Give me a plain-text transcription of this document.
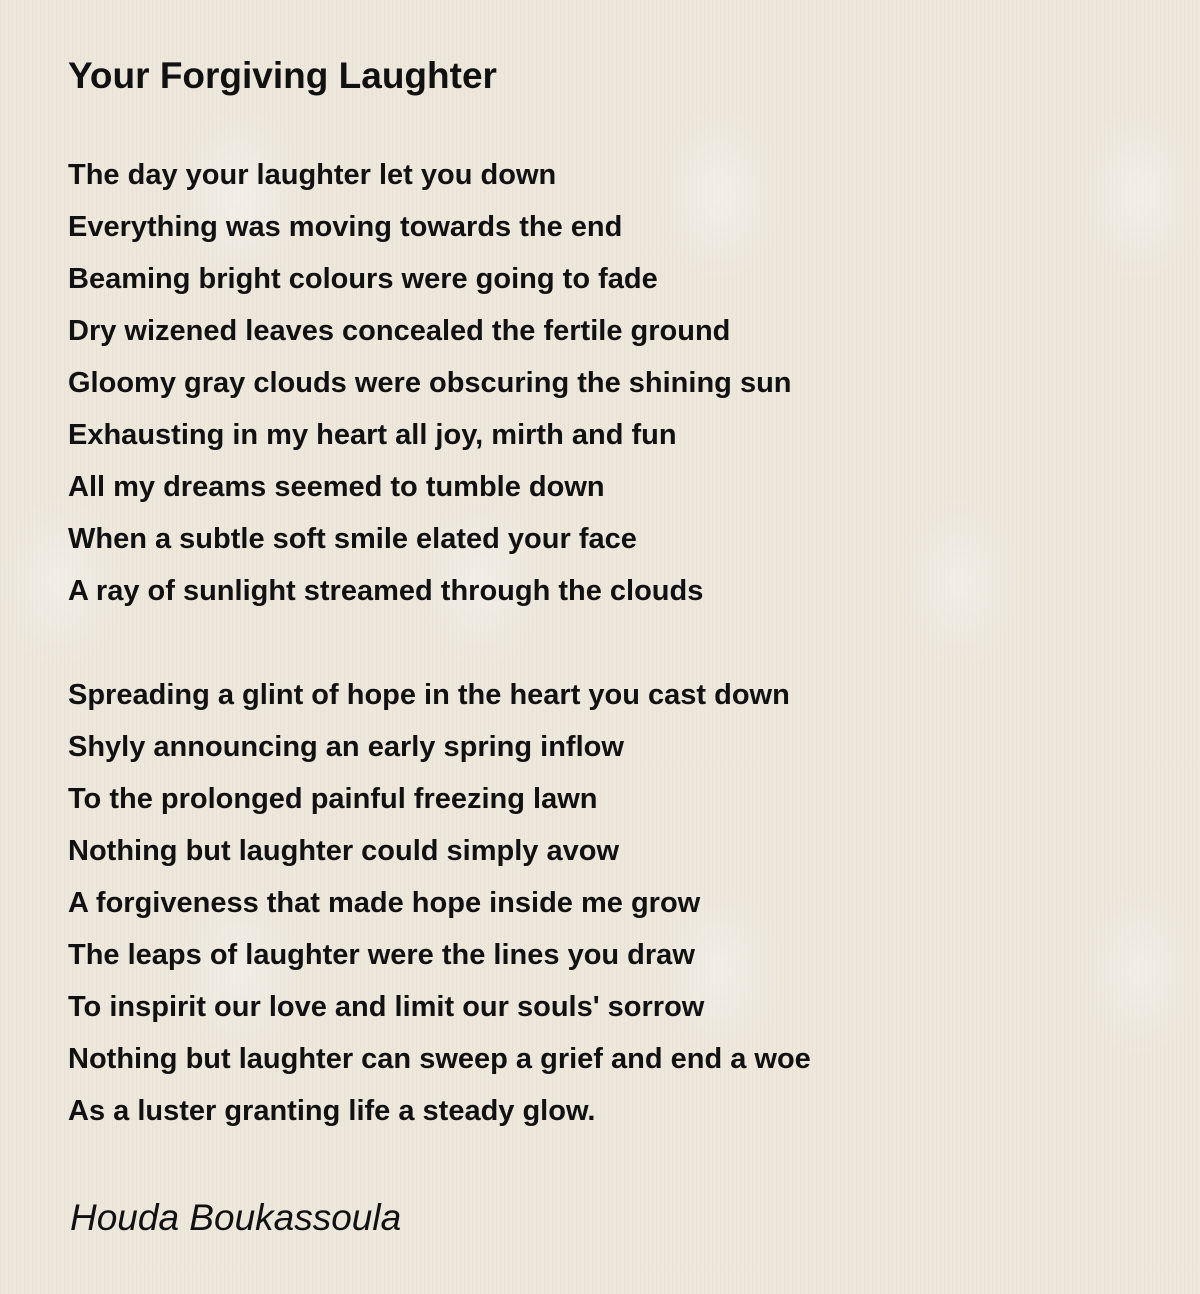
Your Forgiving Laughter
The day your laughter let you down
Everything was moving towards the end
Beaming bright colours were going to fade
Dry wizened leaves concealed the fertile ground
Gloomy gray clouds were obscuring the shining sun
Exhausting in my heart all joy, mirth and fun
All my dreams seemed to tumble down
When a subtle soft smile elated your face
A ray of sunlight streamed through the clouds
Spreading a glint of hope in the heart you cast down
Shyly announcing an early spring inflow
To the prolonged painful freezing lawn
Nothing but laughter could simply avow
A forgiveness that made hope inside me grow
The leaps of laughter were the lines you draw
To inspirit our love and limit our souls' sorrow
Nothing but laughter can sweep a grief and end a woe
As a luster granting life a steady glow.
Houda Boukassoula
